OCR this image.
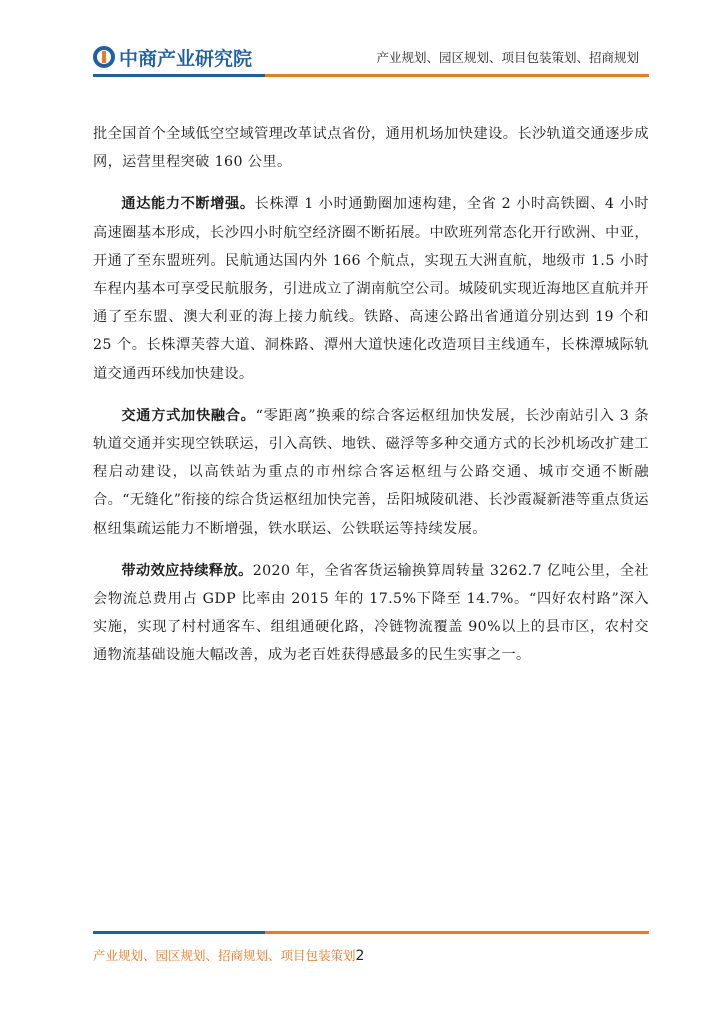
中商产业研究院	产业规划、园区规划、项目包装策划、招商规划

批全国首个全域低空空域管理改革试点省份，通用机场加快建设。长沙轨道交通逐步成网，运营里程突破 160 公里。

通达能力不断增强。长株潭 1 小时通勤圈加速构建，全省 2 小时高铁圈、4 小时高速圈基本形成，长沙四小时航空经济圈不断拓展。中欧班列常态化开行欧洲、中亚，开通了至东盟班列。民航通达国内外 166 个航点，实现五大洲直航，地级市 1.5 小时车程内基本可享受民航服务，引进成立了湖南航空公司。城陵矶实现近海地区直航并开通了至东盟、澳大利亚的海上接力航线。铁路、高速公路出省通道分别达到 19 个和 25 个。长株潭芙蓉大道、洞株路、潭州大道快速化改造项目主线通车，长株潭城际轨道交通西环线加快建设。

交通方式加快融合。“零距离”换乘的综合客运枢纽加快发展，长沙南站引入 3 条轨道交通并实现空铁联运，引入高铁、地铁、磁浮等多种交通方式的长沙机场改扩建工程启动建设，以高铁站为重点的市州综合客运枢纽与公路交通、城市交通不断融合。“无缝化”衔接的综合货运枢纽加快完善，岳阳城陵矶港、长沙霞凝新港等重点货运枢纽集疏运能力不断增强，铁水联运、公铁联运等持续发展。

带动效应持续释放。2020 年，全省客货运输换算周转量 3262.7 亿吨公里，全社会物流总费用占 GDP 比率由 2015 年的 17.5%下降至 14.7%。“四好农村路”深入实施，实现了村村通客车、组组通硬化路，冷链物流覆盖 90%以上的县市区，农村交通物流基础设施大幅改善，成为老百姓获得感最多的民生实事之一。

产业规划、园区规划、招商规划、项目包装策划2
